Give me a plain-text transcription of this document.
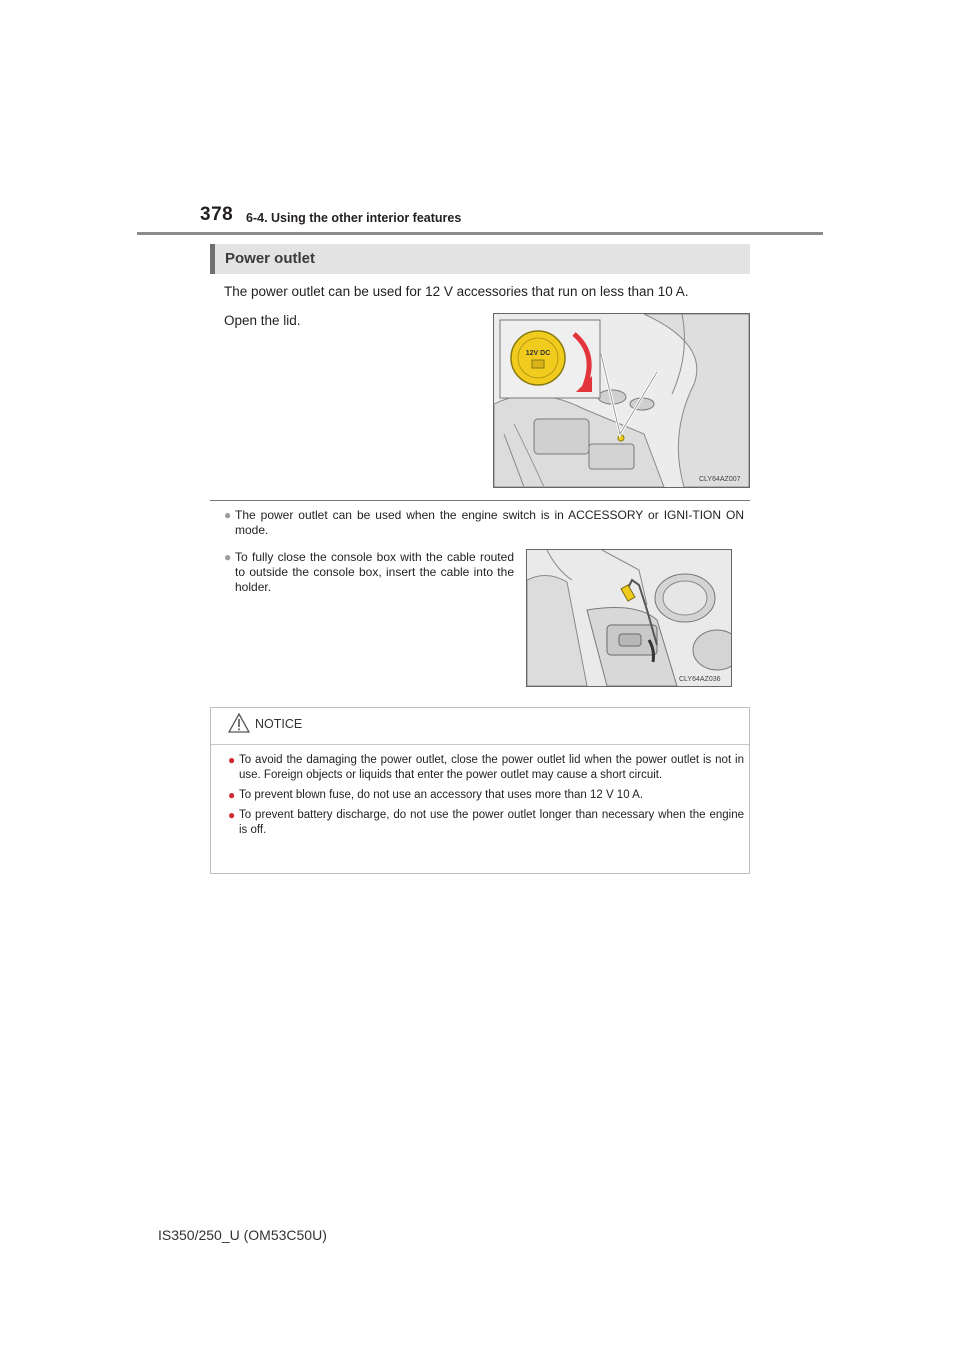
378 6-4. Using the other interior features
Power outlet
The power outlet can be used for 12 V accessories that run on less than 10 A.
Open the lid.
12V DC
CLY64AZ007
● The power outlet can be used when the engine switch is in ACCESSORY or IGNI-TION ON mode.
● To fully close the console box with the cable routed to outside the console box, insert the cable into the holder.
CLY64AZ036
NOTICE
● To avoid the damaging the power outlet, close the power outlet lid when the power outlet is not in use. Foreign objects or liquids that enter the power outlet may cause a short circuit.
● To prevent blown fuse, do not use an accessory that uses more than 12 V 10 A.
● To prevent battery discharge, do not use the power outlet longer than necessary when the engine is off.
IS350/250_U (OM53C50U)
